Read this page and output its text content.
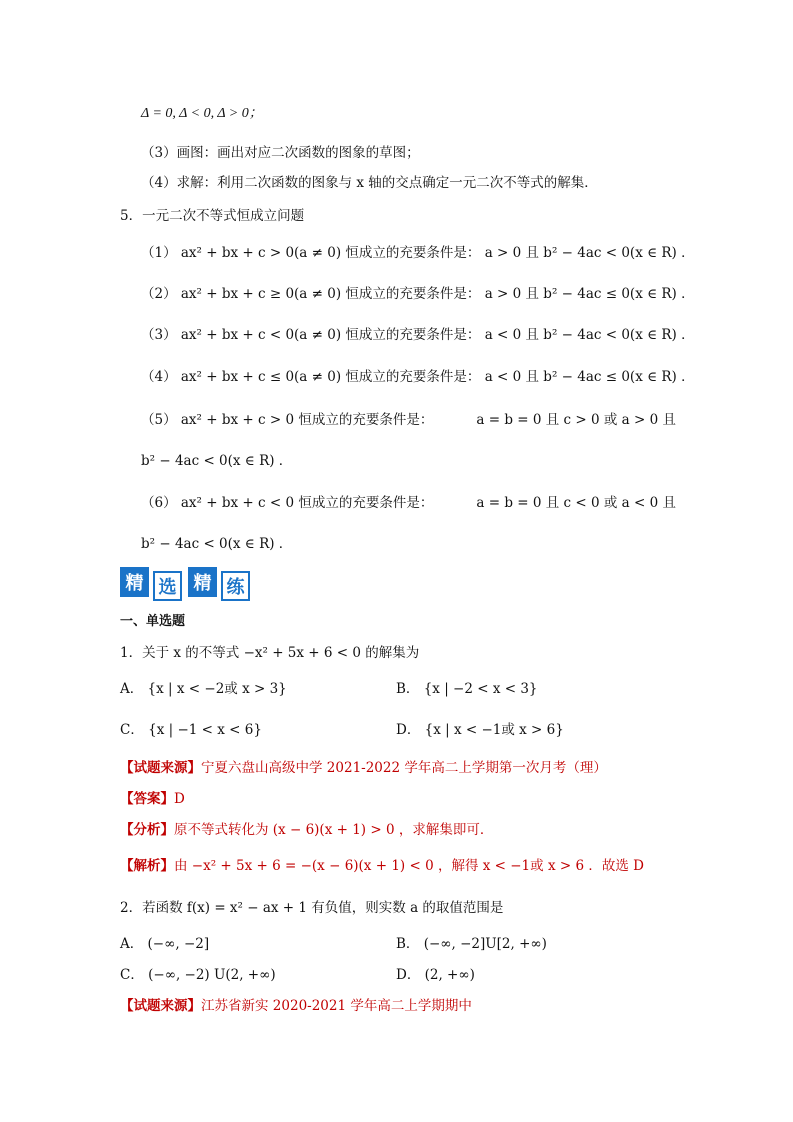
Δ = 0, Δ < 0, Δ > 0；
（3）画图：画出对应二次函数的图象的草图；
（4）求解：利用二次函数的图象与 x 轴的交点确定一元二次不等式的解集．
5．一元二次不等式恒成立问题
（1） ax² + bx + c > 0(a ≠ 0) 恒成立的充要条件是： a > 0 且 b² − 4ac < 0(x ∈ R) ．
（2） ax² + bx + c ≥ 0(a ≠ 0) 恒成立的充要条件是： a > 0 且 b² − 4ac ≤ 0(x ∈ R) ．
（3） ax² + bx + c < 0(a ≠ 0) 恒成立的充要条件是： a < 0 且 b² − 4ac < 0(x ∈ R) ．
（4） ax² + bx + c ≤ 0(a ≠ 0) 恒成立的充要条件是： a < 0 且 b² − 4ac ≤ 0(x ∈ R) ．
（5） ax² + bx + c > 0 恒成立的充要条件是：	a = b = 0 且 c > 0 或 a > 0 且
b² − 4ac < 0(x ∈ R) ．
（6） ax² + bx + c < 0 恒成立的充要条件是：	a = b = 0 且 c < 0 或 a < 0 且
b² − 4ac < 0(x ∈ R) ．
精 选 精 练
一、单选题
1．关于 x 的不等式 −x² + 5x + 6 < 0 的解集为
A． {x | x < −2或 x > 3}	B． {x | −2 < x < 3}
C． {x | −1 < x < 6}	D． {x | x < −1或 x > 6}
【试题来源】宁夏六盘山高级中学 2021-2022 学年高二上学期第一次月考（理）
【答案】D
【分析】原不等式转化为 (x − 6)(x + 1) > 0 ，求解集即可．
【解析】由 −x² + 5x + 6 = −(x − 6)(x + 1) < 0 ，解得 x < −1或 x > 6 ．故选 D
2．若函数 f(x) = x² − ax + 1 有负值，则实数 a 的取值范围是
A． (−∞, −2]	B． (−∞, −2]U[2, +∞)
C． (−∞, −2) U(2, +∞)	D． (2, +∞)
【试题来源】江苏省新实 2020-2021 学年高二上学期期中
